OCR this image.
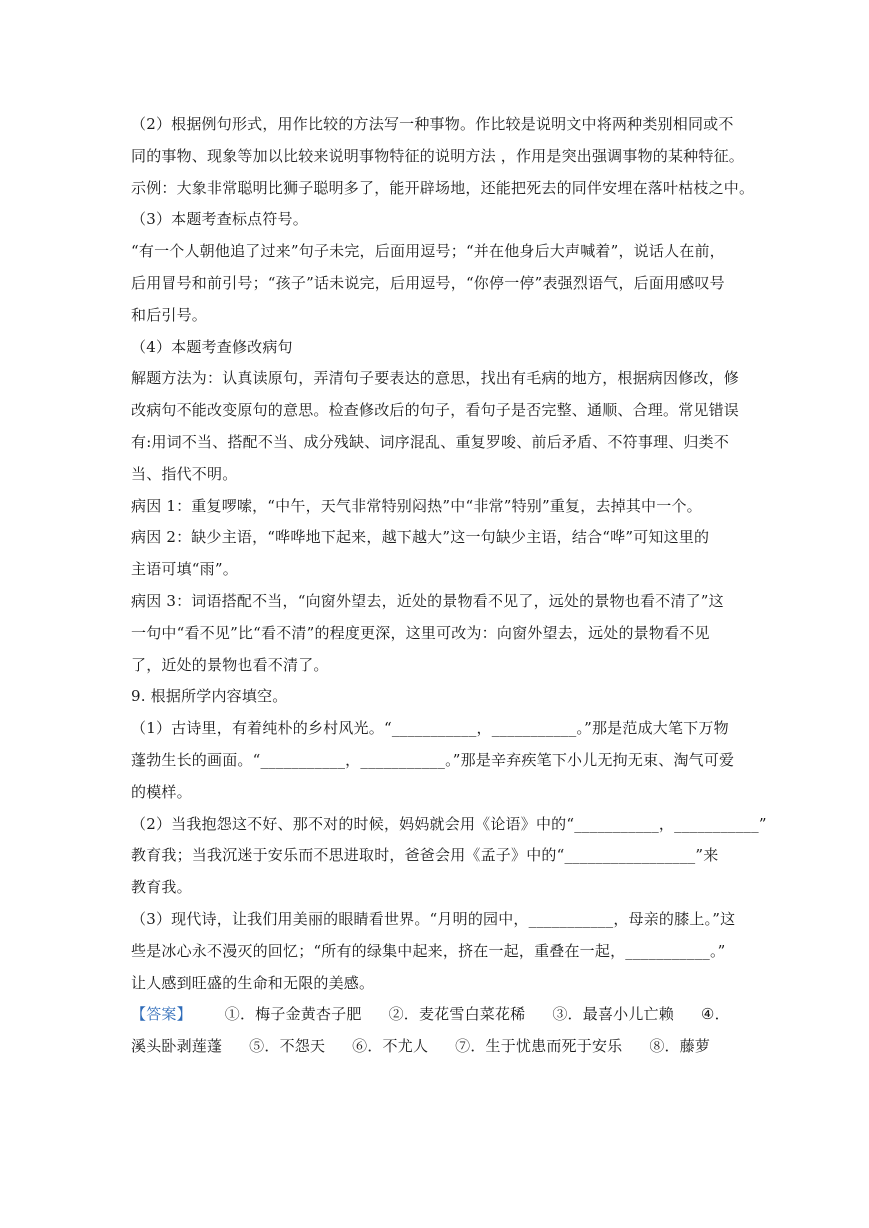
（2）根据例句形式，用作比较的方法写一种事物。作比较是说明文中将两种类别相同或不
同的事物、现象等加以比较来说明事物特征的说明方法 ，作用是突出强调事物的某种特征。
示例：大象非常聪明比狮子聪明多了，能开辟场地，还能把死去的同伴安埋在落叶枯枝之中。
（3）本题考查标点符号。
“有一个人朝他追了过来”句子未完，后面用逗号；“并在他身后大声喊着”，说话人在前，
后用冒号和前引号；“孩子”话未说完，后用逗号，“你停一停”表强烈语气，后面用感叹号
和后引号。
（4）本题考查修改病句
解题方法为：认真读原句，弄清句子要表达的意思，找出有毛病的地方，根据病因修改，修
改病句不能改变原句的意思。检查修改后的句子，看句子是否完整、通顺、合理。常见错误
有:用词不当、搭配不当、成分残缺、词序混乱、重复罗唆、前后矛盾、不符事理、归类不
当、指代不明。
病因 1：重复啰嗦，“中午，天气非常特别闷热”中“非常”特别”重复，去掉其中一个。
病因 2：缺少主语，“哗哗地下起来，越下越大”这一句缺少主语，结合“哗”可知这里的
主语可填“雨”。
病因 3：词语搭配不当，“向窗外望去，近处的景物看不见了，远处的景物也看不清了”这
一句中“看不见”比“看不清”的程度更深，这里可改为：向窗外望去，远处的景物看不见
了，近处的景物也看不清了。
9. 根据所学内容填空。
（1）古诗里，有着纯朴的乡村风光。“___________，___________。”那是范成大笔下万物
蓬勃生长的画面。“___________，___________。”那是辛弃疾笔下小儿无拘无束、淘气可爱
的模样。
（2）当我抱怨这不好、那不对的时候，妈妈就会用《论语》中的“___________，___________”
教育我；当我沉迷于安乐而不思进取时，爸爸会用《孟子》中的“_________________”来
教育我。
（3）现代诗，让我们用美丽的眼睛看世界。“月明的园中，___________，母亲的膝上。”这
些是冰心永不漫灭的回忆；“所有的绿集中起来，挤在一起，重叠在一起，___________。”
让人感到旺盛的生命和无限的美感。
【答案】 ①．梅子金黄杏子肥 ②．麦花雪白菜花稀 ③．最喜小儿亡赖 ④．
溪头卧剥莲蓬 ⑤．不怨天 ⑥．不尤人 ⑦．生于忧患而死于安乐 ⑧．藤萝
